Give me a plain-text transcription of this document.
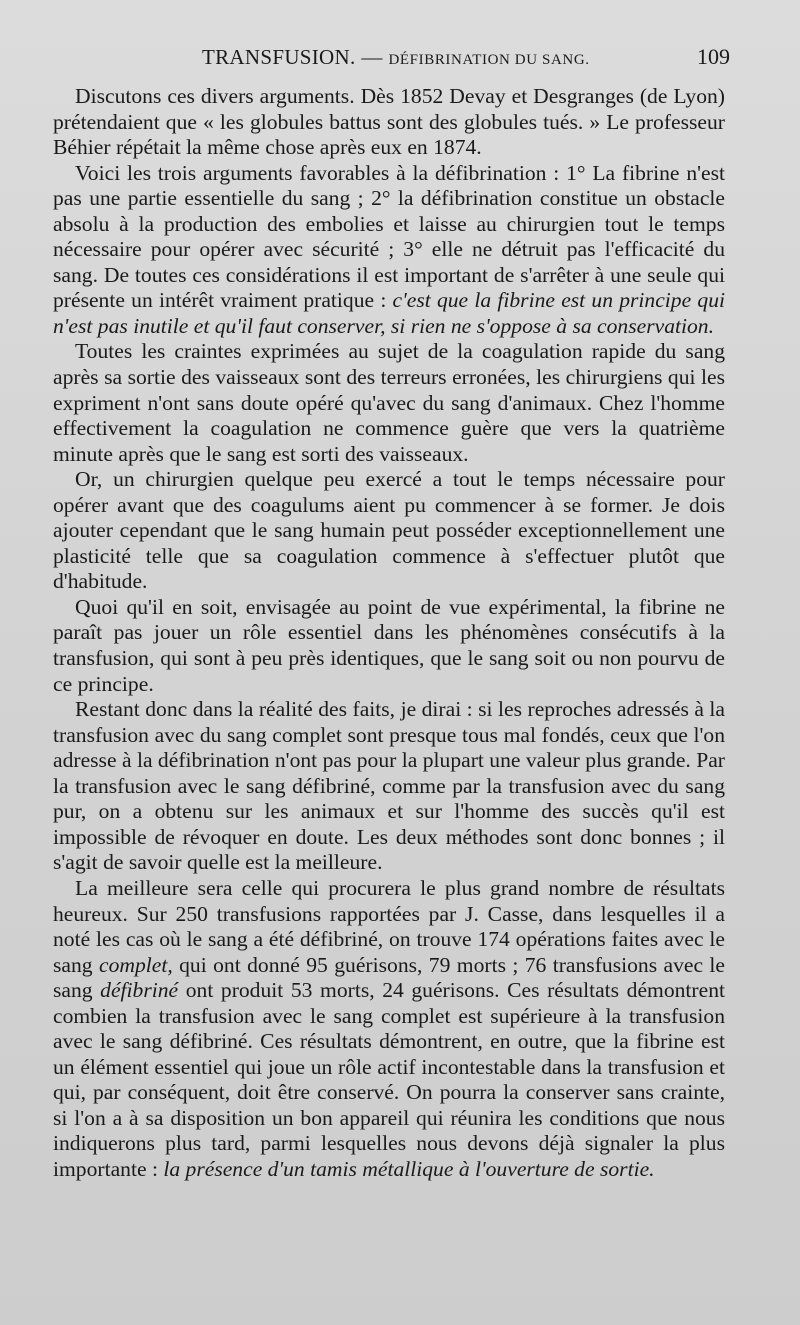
TRANSFUSION. — DÉFIBRINATION DU SANG.	109

Discutons ces divers arguments. Dès 1852 Devay et Desgranges (de Lyon) prétendaient que « les globules battus sont des globules tués. » Le professeur Béhier répétait la même chose après eux en 1874.

Voici les trois arguments favorables à la défibrination : 1° La fibrine n'est pas une partie essentielle du sang ; 2° la défibrination constitue un obstacle absolu à la production des embolies et laisse au chirurgien tout le temps nécessaire pour opérer avec sécurité ; 3° elle ne détruit pas l'efficacité du sang. De toutes ces considérations il est important de s'arrêter à une seule qui présente un intérêt vraiment pratique : c'est que la fibrine est un principe qui n'est pas inutile et qu'il faut conserver, si rien ne s'oppose à sa conservation.

Toutes les craintes exprimées au sujet de la coagulation rapide du sang après sa sortie des vaisseaux sont des terreurs erronées, les chirurgiens qui les expriment n'ont sans doute opéré qu'avec du sang d'animaux. Chez l'homme effectivement la coagulation ne commence guère que vers la quatrième minute après que le sang est sorti des vaisseaux.

Or, un chirurgien quelque peu exercé a tout le temps nécessaire pour opérer avant que des coagulums aient pu commencer à se former. Je dois ajouter cependant que le sang humain peut posséder exceptionnellement une plasticité telle que sa coagulation commence à s'effectuer plutôt que d'habitude.

Quoi qu'il en soit, envisagée au point de vue expérimental, la fibrine ne paraît pas jouer un rôle essentiel dans les phénomènes consécutifs à la transfusion, qui sont à peu près identiques, que le sang soit ou non pourvu de ce principe.

Restant donc dans la réalité des faits, je dirai : si les reproches adressés à la transfusion avec du sang complet sont presque tous mal fondés, ceux que l'on adresse à la défibrination n'ont pas pour la plupart une valeur plus grande. Par la transfusion avec le sang défibriné, comme par la transfusion avec du sang pur, on a obtenu sur les animaux et sur l'homme des succès qu'il est impossible de révoquer en doute. Les deux méthodes sont donc bonnes ; il s'agit de savoir quelle est la meilleure.

La meilleure sera celle qui procurera le plus grand nombre de résultats heureux. Sur 250 transfusions rapportées par J. Casse, dans lesquelles il a noté les cas où le sang a été défibriné, on trouve 174 opérations faites avec le sang complet, qui ont donné 95 guérisons, 79 morts ; 76 transfusions avec le sang défibriné ont produit 53 morts, 24 guérisons. Ces résultats démontrent combien la transfusion avec le sang complet est supérieure à la transfusion avec le sang défibriné. Ces résultats démontrent, en outre, que la fibrine est un élément essentiel qui joue un rôle actif incontestable dans la transfusion et qui, par conséquent, doit être conservé. On pourra la conserver sans crainte, si l'on a à sa disposition un bon appareil qui réunira les conditions que nous indiquerons plus tard, parmi lesquelles nous devons déjà signaler la plus importante : la présence d'un tamis métallique à l'ouverture de sortie.
